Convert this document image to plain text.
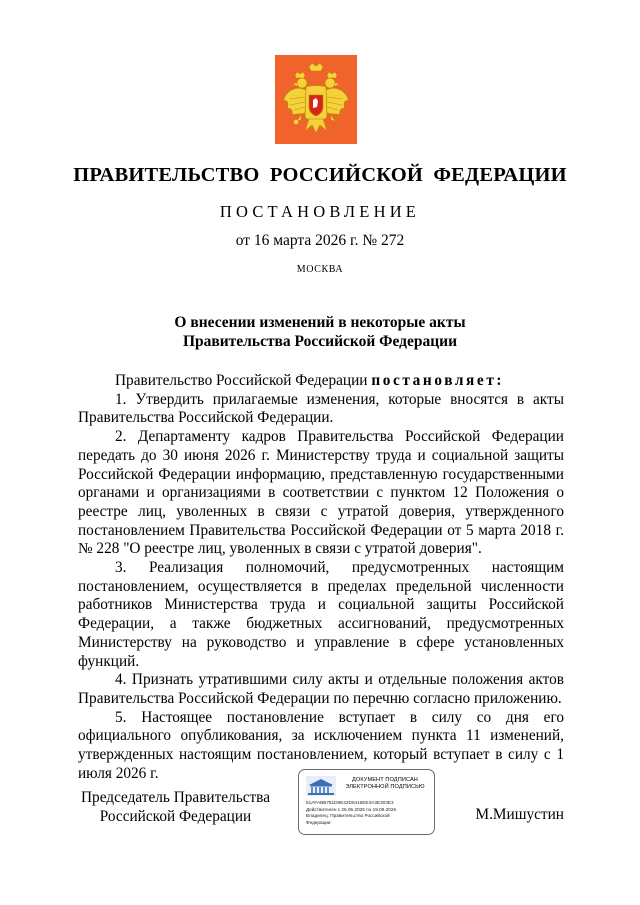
ПРАВИТЕЛЬСТВО РОССИЙСКОЙ ФЕДЕРАЦИИ
ПОСТАНОВЛЕНИЕ
от 16 марта 2026 г. № 272
МОСКВА
О внесении изменений в некоторые акты
Правительства Российской Федерации

Правительство Российской Федерации постановляет:

1. Утвердить прилагаемые изменения, которые вносятся в акты Правительства Российской Федерации.

2. Департаменту кадров Правительства Российской Федерации передать до 30 июня 2026 г. Министерству труда и социальной защиты Российской Федерации информацию, представленную государственными органами и организациями в соответствии с пунктом 12 Положения о реестре лиц, уволенных в связи с утратой доверия, утвержденного постановлением Правительства Российской Федерации от 5 марта 2018 г. № 228 "О реестре лиц, уволенных в связи с утратой доверия".

3. Реализация полномочий, предусмотренных настоящим постановлением, осуществляется в пределах предельной численности работников Министерства труда и социальной защиты Российской Федерации, а также бюджетных ассигнований, предусмотренных Министерству на руководство и управление в сфере установленных функций.

4. Признать утратившими силу акты и отдельные положения актов Правительства Российской Федерации по перечню согласно приложению.

5. Настоящее постановление вступает в силу со дня его официального опубликования, за исключением пункта 11 изменений, утвержденных настоящим постановлением, который вступает в силу с 1 июля 2026 г.

Председатель Правительства
Российской Федерации
ДОКУМЕНТ ПОДПИСАН
ЭЛЕКТРОННОЙ ПОДПИСЬЮ
51AFABB781D9E42D0416EE3A3E303E3
Действителен с 26.06.2025 по 19.09.2026
Владелец: Правительство Российской
Федерации	М.Мишустин
